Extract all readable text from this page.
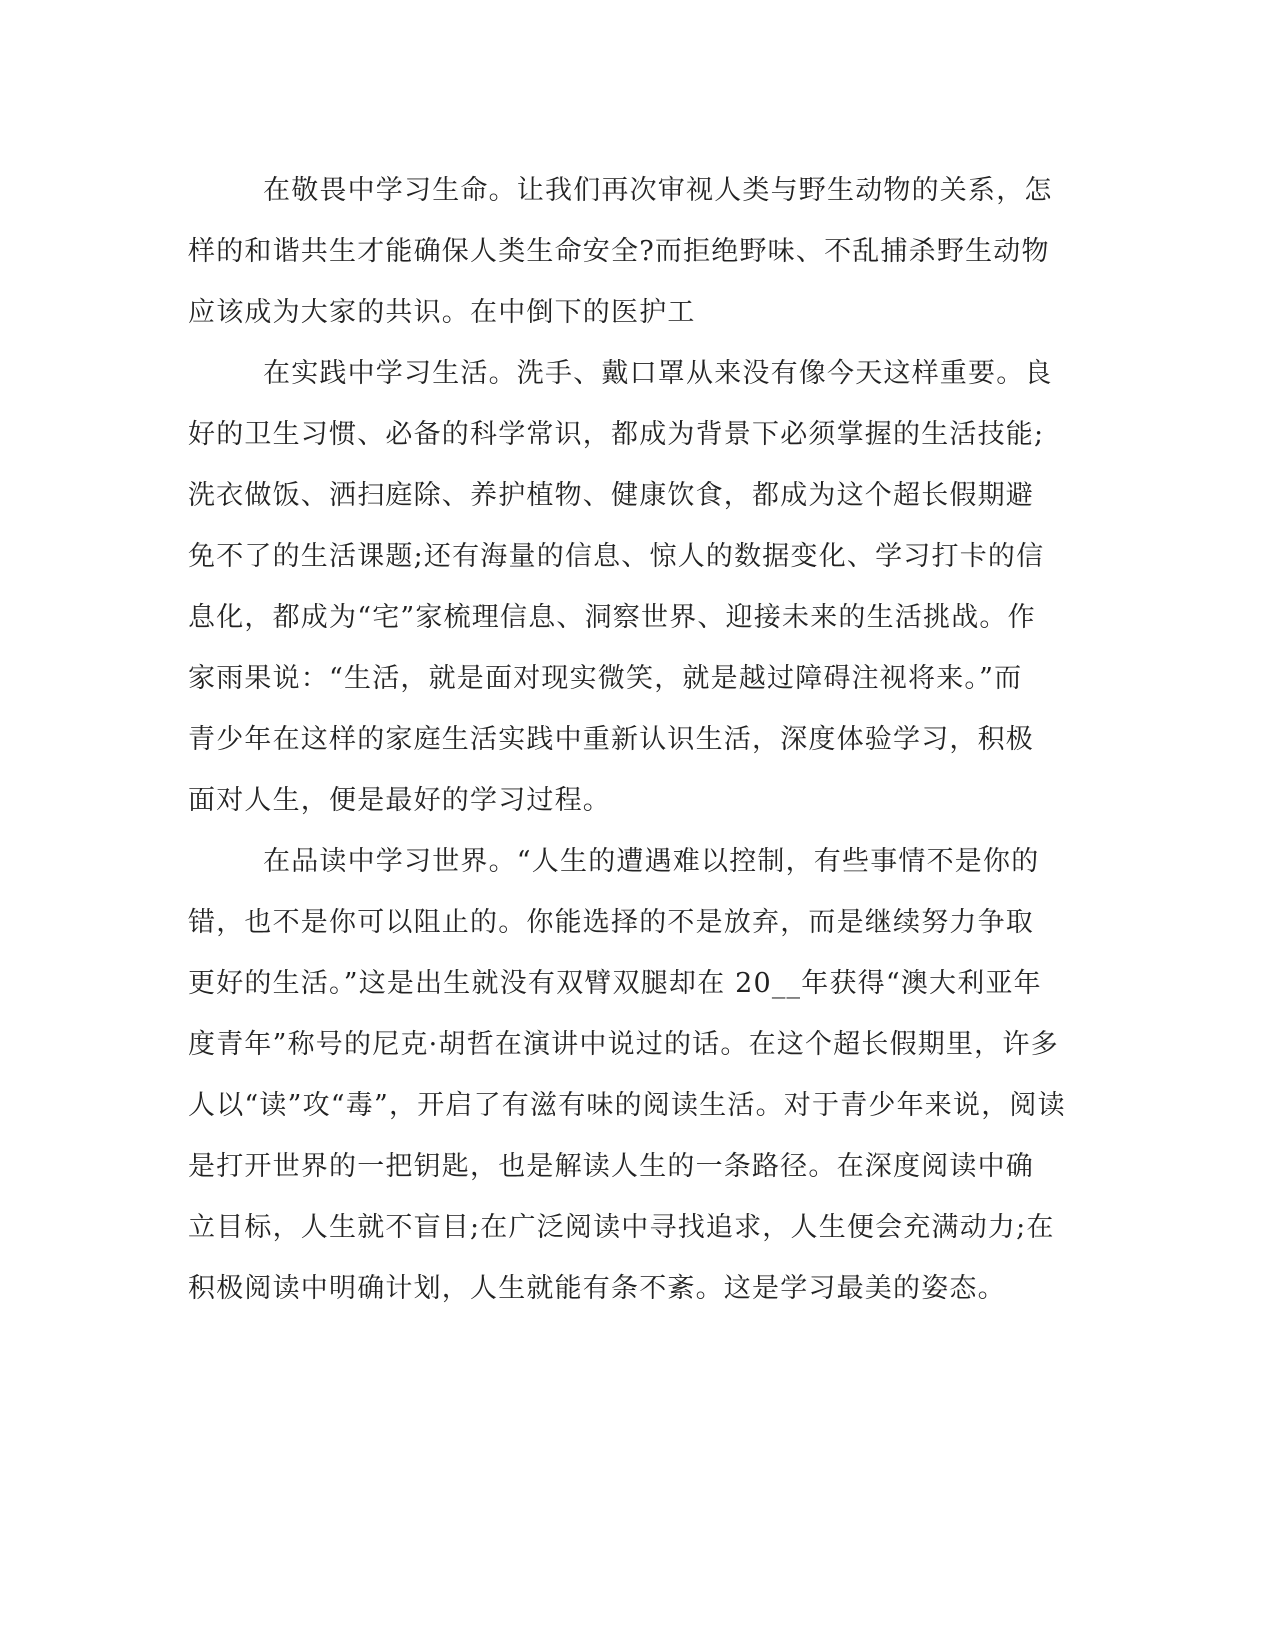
在敬畏中学习生命。让我们再次审视人类与野生动物的关系，怎
样的和谐共生才能确保人类生命安全?而拒绝野味、不乱捕杀野生动物
应该成为大家的共识。在中倒下的医护工
在实践中学习生活。洗手、戴口罩从来没有像今天这样重要。良
好的卫生习惯、必备的科学常识，都成为背景下必须掌握的生活技能;
洗衣做饭、洒扫庭除、养护植物、健康饮食，都成为这个超长假期避
免不了的生活课题;还有海量的信息、惊人的数据变化、学习打卡的信
息化，都成为“宅”家梳理信息、洞察世界、迎接未来的生活挑战。作
家雨果说：“生活，就是面对现实微笑，就是越过障碍注视将来。”而
青少年在这样的家庭生活实践中重新认识生活，深度体验学习，积极
面对人生，便是最好的学习过程。
在品读中学习世界。“人生的遭遇难以控制，有些事情不是你的
错，也不是你可以阻止的。你能选择的不是放弃，而是继续努力争取
更好的生活。”这是出生就没有双臂双腿却在 20__年获得“澳大利亚年
度青年”称号的尼克·胡哲在演讲中说过的话。在这个超长假期里，许多
人以“读”攻“毒”，开启了有滋有味的阅读生活。对于青少年来说，阅读
是打开世界的一把钥匙，也是解读人生的一条路径。在深度阅读中确
立目标，人生就不盲目;在广泛阅读中寻找追求，人生便会充满动力;在
积极阅读中明确计划，人生就能有条不紊。这是学习最美的姿态。
